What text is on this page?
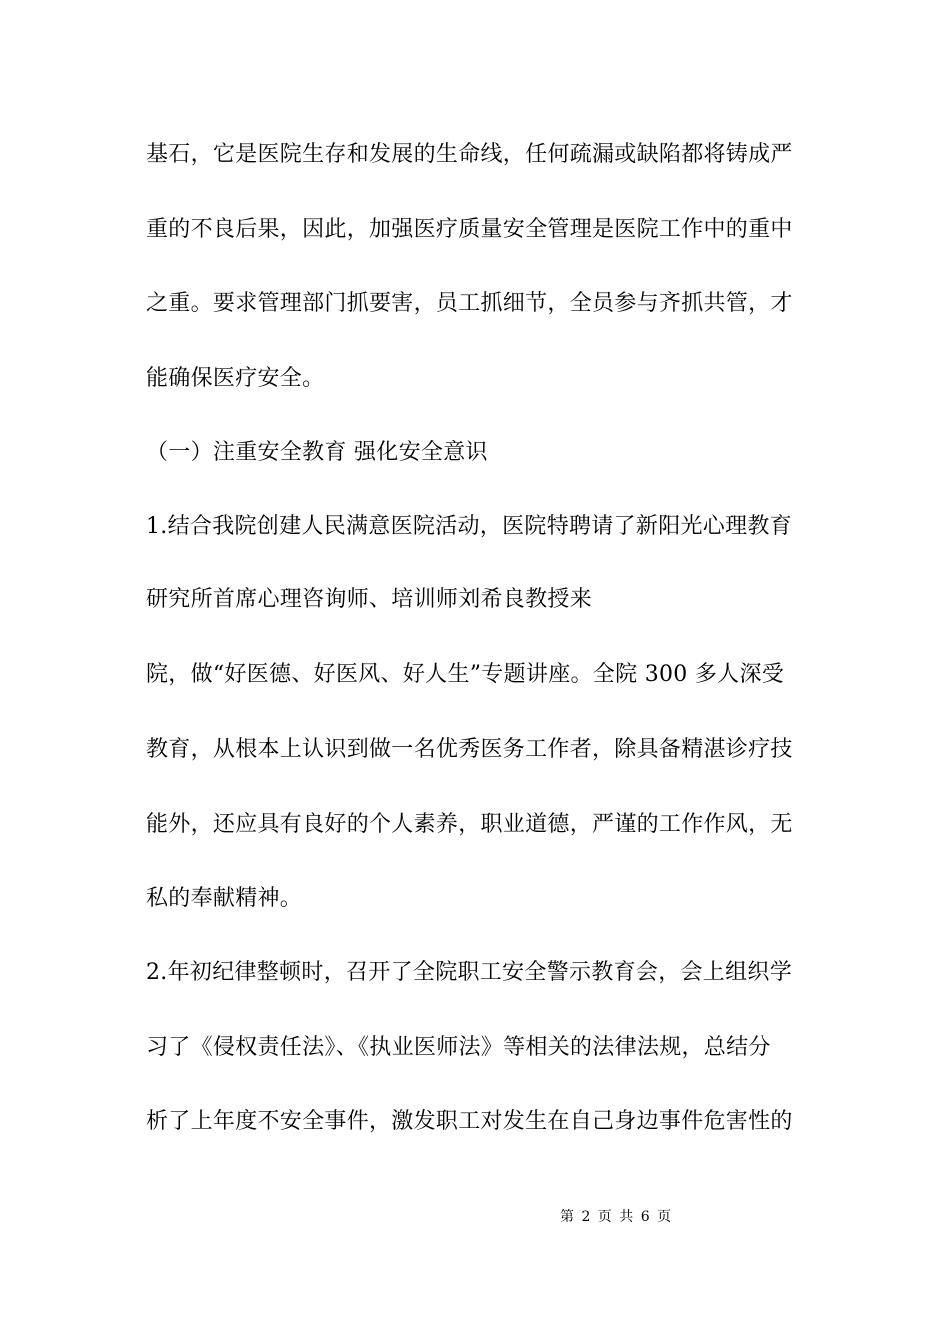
基石，它是医院生存和发展的生命线，任何疏漏或缺陷都将铸成严
重的不良后果，因此，加强医疗质量安全管理是医院工作中的重中
之重。要求管理部门抓要害，员工抓细节，全员参与齐抓共管，才
能确保医疗安全。
（一）注重安全教育 强化安全意识
1.结合我院创建人民满意医院活动，医院特聘请了新阳光心理教育
研究所首席心理咨询师、培训师刘希良教授来
院，做“好医德、好医风、好人生”专题讲座。全院 300 多人深受
教育，从根本上认识到做一名优秀医务工作者，除具备精湛诊疗技
能外，还应具有良好的个人素养，职业道德，严谨的工作作风，无
私的奉献精神。
2.年初纪律整顿时，召开了全院职工安全警示教育会，会上组织学
习了《侵权责任法》、《执业医师法》等相关的法律法规，总结分
析了上年度不安全事件，激发职工对发生在自己身边事件危害性的
第 2 页 共 6 页
